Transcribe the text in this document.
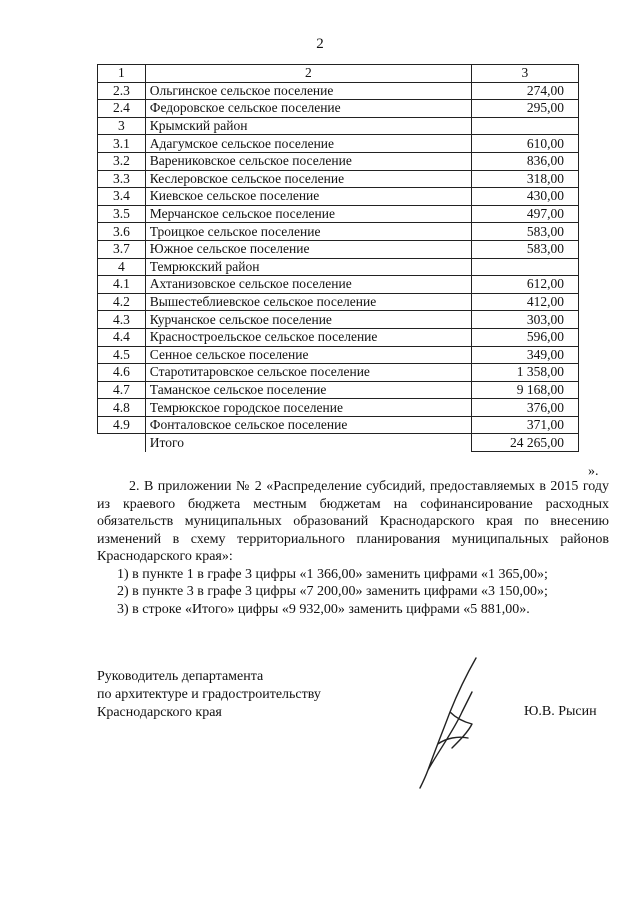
2
1	2	3
2.3	Ольгинское сельское поселение	274,00
2.4	Федоровское сельское поселение	295,00
3	Крымский район	
3.1	Адагумское сельское поселение	610,00
3.2	Варениковское сельское поселение	836,00
3.3	Кеслеровское сельское поселение	318,00
3.4	Киевское сельское поселение	430,00
3.5	Мерчанское сельское поселение	497,00
3.6	Троицкое сельское поселение	583,00
3.7	Южное сельское поселение	583,00
4	Темрюкский район	
4.1	Ахтанизовское сельское поселение	612,00
4.2	Вышестеблиевское сельское поселение	412,00
4.3	Курчанское сельское поселение	303,00
4.4	Красностроельское сельское поселение	596,00
4.5	Сенное сельское поселение	349,00
4.6	Старотитаровское сельское поселение	1 358,00
4.7	Таманское сельское поселение	9 168,00
4.8	Темрюкское городское поселение	376,00
4.9	Фонталовское сельское поселение	371,00
	Итого	24 265,00
».

2. В приложении № 2 «Распределение субсидий, предоставляемых в 2015 году из краевого бюджета местным бюджетам на софинансирование расходных обязательств муниципальных образований Краснодарского края по внесению изменений в схему территориального планирования муниципальных районов Краснодарского края»:

1) в пункте 1 в графе 3 цифры «1 366,00» заменить цифрами «1 365,00»;
2) в пункте 3 в графе 3 цифры «7 200,00» заменить цифрами «3 150,00»;
3) в строке «Итого» цифры «9 932,00» заменить цифрами «5 881,00».
Руководитель департамента
по архитектуре и градостроительству
Краснодарского края	Ю.В. Рысин
